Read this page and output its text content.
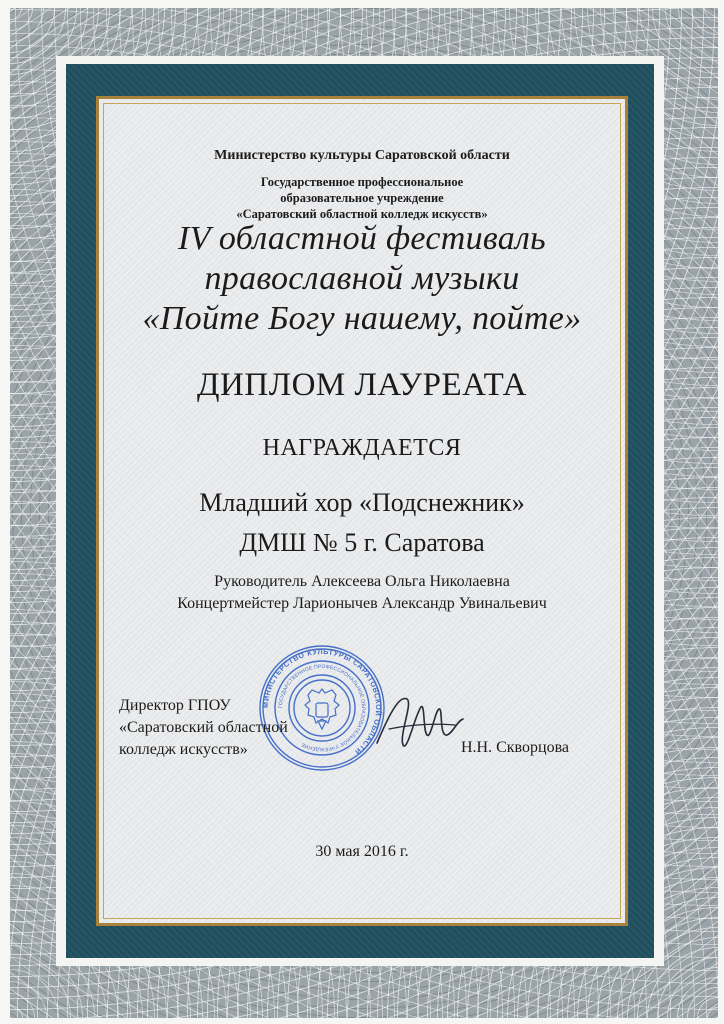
Министерство культуры Саратовской области
Государственное профессиональное
образовательное учреждение
«Саратовский областной колледж искусств»
IV областной фестиваль
православной музыки
«Пойте Богу нашему, пойте»
ДИПЛОМ ЛАУРЕАТА
НАГРАЖДАЕТСЯ
Младший хор «Подснежник»
ДМШ № 5 г. Саратова
Руководитель Алексеева Ольга Николаевна
Концертмейстер Ларионычев Александр Увинальевич
МИНИСТЕРСТВО КУЛЬТУРЫ САРАТОВСКОЙ ОБЛАСТИ
ГОСУДАРСТВЕННОЕ ПРОФЕССИОНАЛЬНОЕ ОБРАЗОВАТЕЛЬНОЕ УЧРЕЖДЕНИЕ
Директор ГПОУ
«Саратовский областной
колледж искусств»	Н.Н. Скворцова
30 мая 2016 г.
